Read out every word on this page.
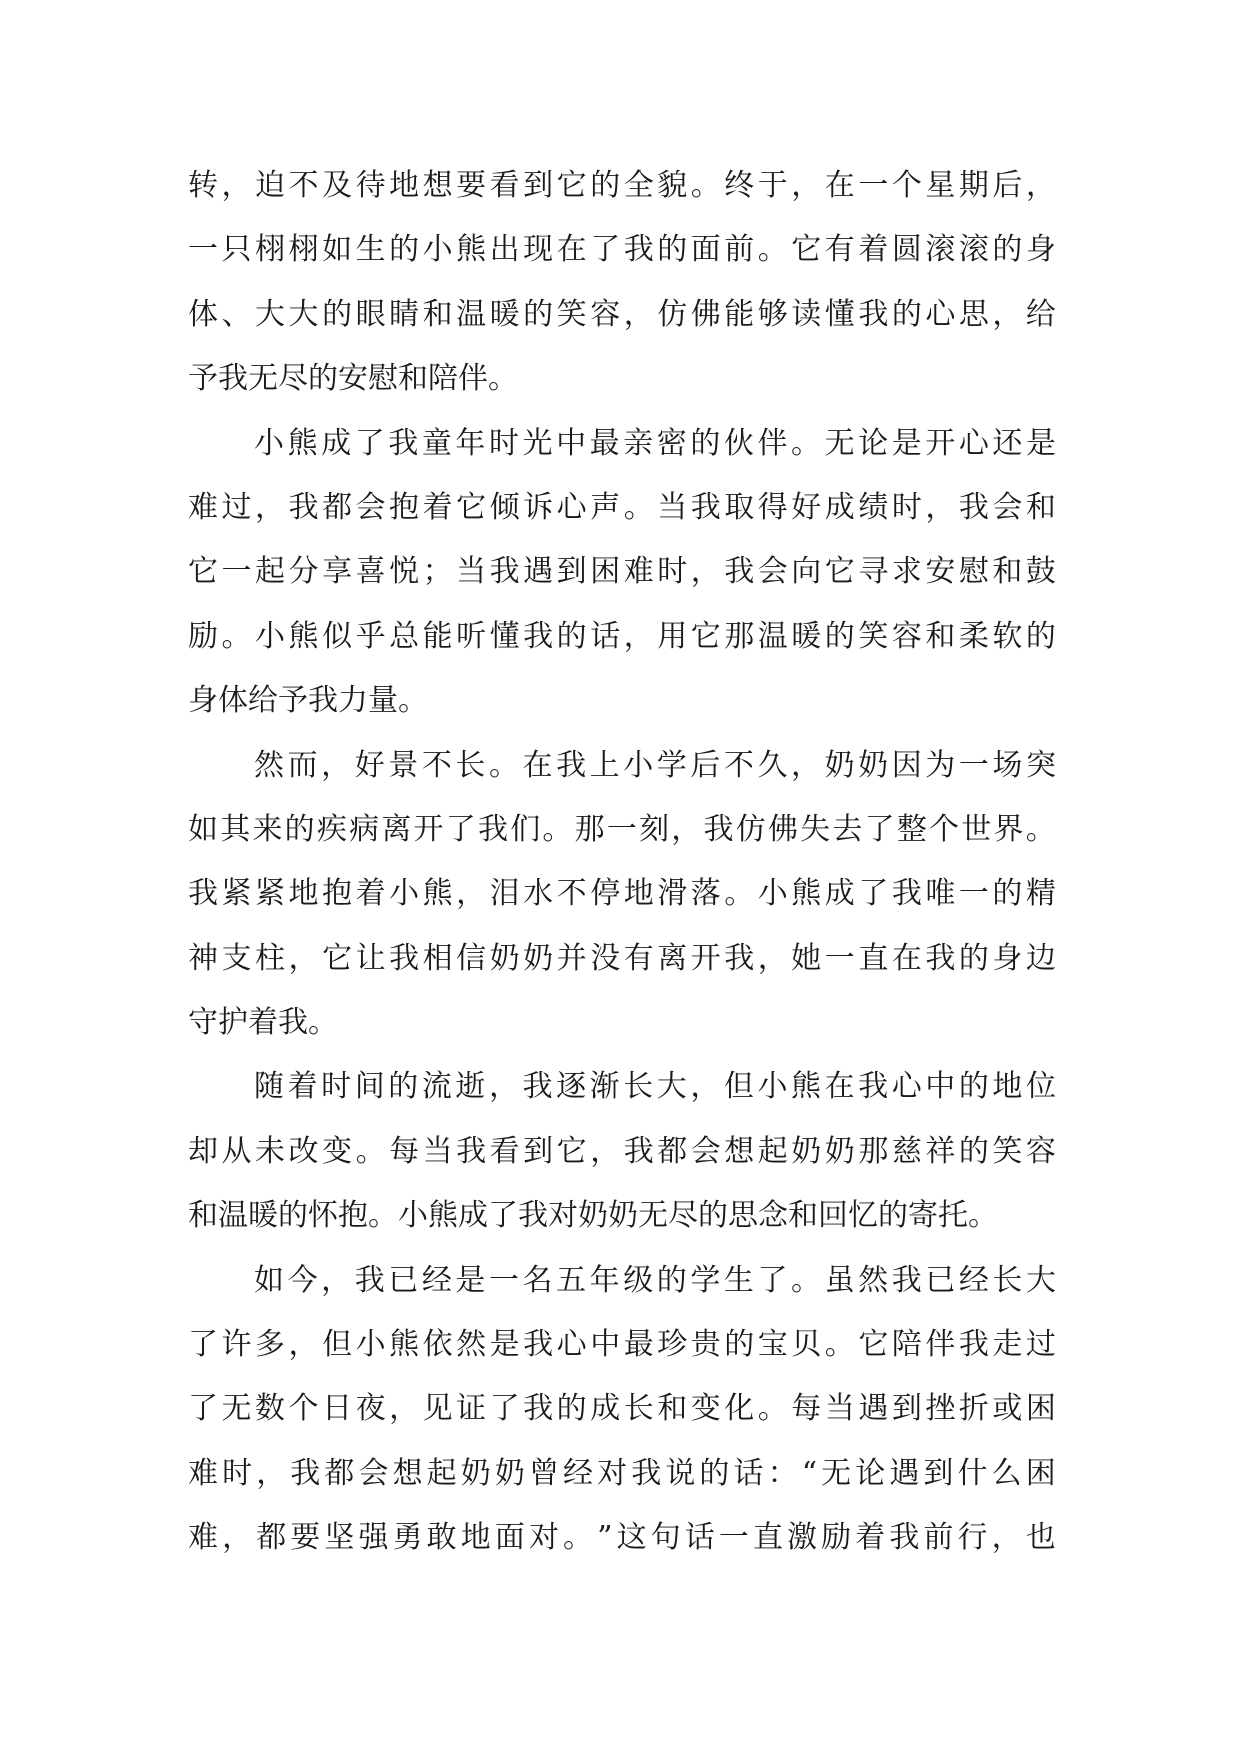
转 ， 迫 不 及 待 地 想 要 看 到 它 的 全 貌 。 终 于 ， 在 一 个 星 期 后 ，
一 只 栩 栩 如 生 的 小 熊 出 现 在 了 我 的 面 前 。 它 有 着 圆 滚 滚 的 身
体 、 大 大 的 眼 睛 和 温 暖 的 笑 容 ， 仿 佛 能 够 读 懂 我 的 心 思 ， 给
予我无尽的安慰和陪伴。
小 熊 成 了 我 童 年 时 光 中 最 亲 密 的 伙 伴 。 无 论 是 开 心 还 是
难 过 ， 我 都 会 抱 着 它 倾 诉 心 声 。 当 我 取 得 好 成 绩 时 ， 我 会 和
它 一 起 分 享 喜 悦 ； 当 我 遇 到 困 难 时 ， 我 会 向 它 寻 求 安 慰 和 鼓
励 。 小 熊 似 乎 总 能 听 懂 我 的 话 ， 用 它 那 温 暖 的 笑 容 和 柔 软 的
身体给予我力量。
然 而 ， 好 景 不 长 。 在 我 上 小 学 后 不 久 ， 奶 奶 因 为 一 场 突
如 其 来 的 疾 病 离 开 了 我 们 。 那 一 刻 ， 我 仿 佛 失 去 了 整 个 世 界 。
我 紧 紧 地 抱 着 小 熊 ， 泪 水 不 停 地 滑 落 。 小 熊 成 了 我 唯 一 的 精
神 支 柱 ， 它 让 我 相 信 奶 奶 并 没 有 离 开 我 ， 她 一 直 在 我 的 身 边
守护着我。
随 着 时 间 的 流 逝 ， 我 逐 渐 长 大 ， 但 小 熊 在 我 心 中 的 地 位
却 从 未 改 变 。 每 当 我 看 到 它 ， 我 都 会 想 起 奶 奶 那 慈 祥 的 笑 容
和温暖的怀抱。小熊成了我对奶奶无尽的思念和回忆的寄托。
如 今 ， 我 已 经 是 一 名 五 年 级 的 学 生 了 。 虽 然 我 已 经 长 大
了 许 多 ， 但 小 熊 依 然 是 我 心 中 最 珍 贵 的 宝 贝 。 它 陪 伴 我 走 过
了 无 数 个 日 夜 ， 见 证 了 我 的 成 长 和 变 化 。 每 当 遇 到 挫 折 或 困
难 时 ， 我 都 会 想 起 奶 奶 曾 经 对 我 说 的 话 ： “ 无 论 遇 到 什 么 困
难 ， 都 要 坚 强 勇 敢 地 面 对 。 ” 这 句 话 一 直 激 励 着 我 前 行 ， 也
